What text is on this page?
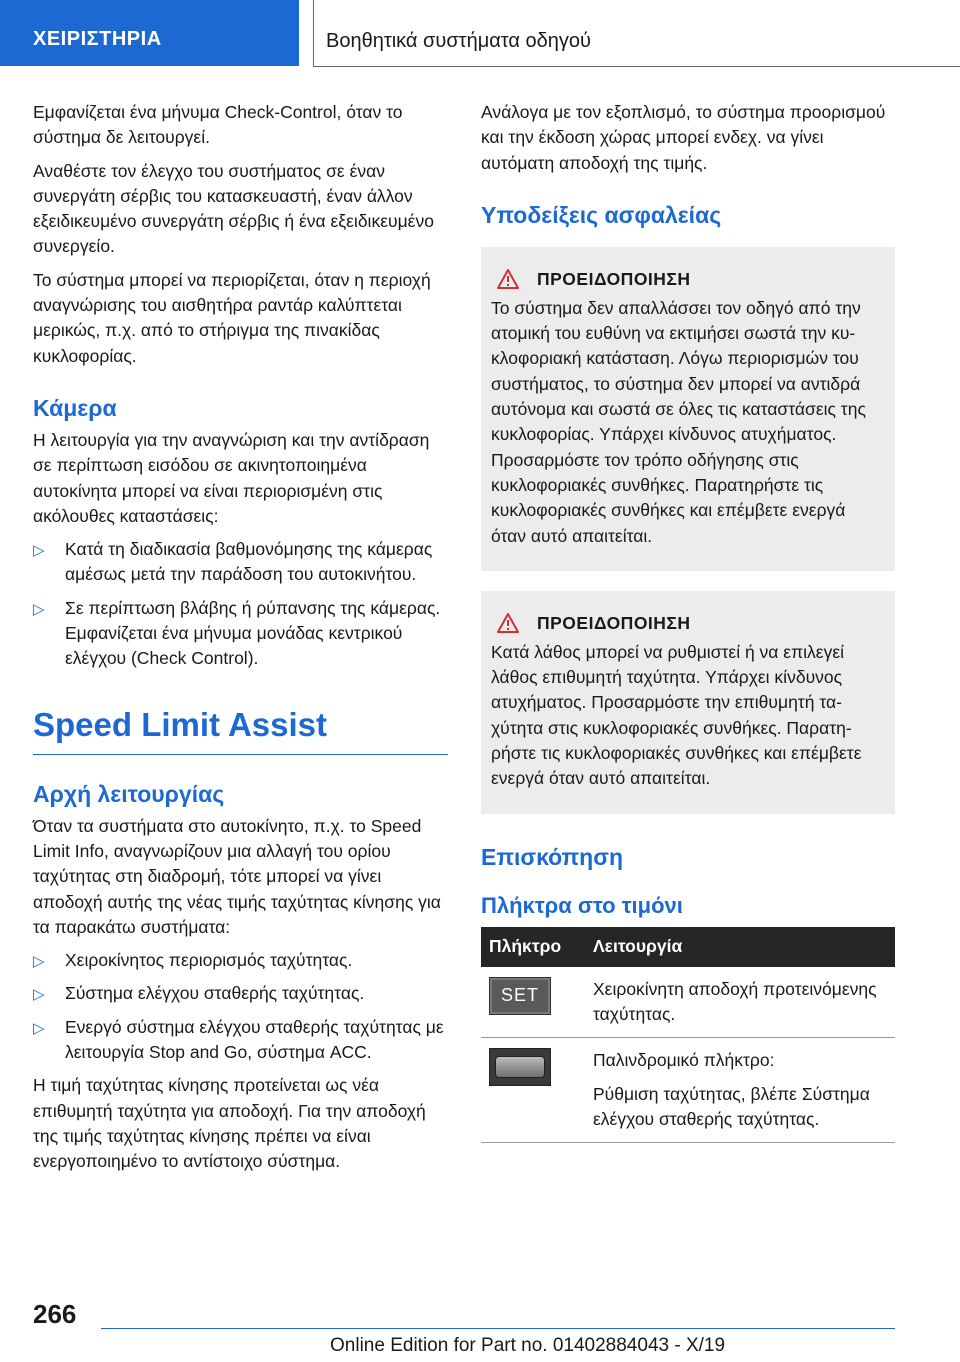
ΧΕΙΡΙΣΤΗΡΙΑ	Βοηθητικά συστήματα οδηγού

Εμφανίζεται ένα μήνυμα Check-Control, όταν το σύστημα δε λειτουργεί.

Αναθέστε τον έλεγχο του συστήματος σε έναν συνεργάτη σέρβις του κατασκευαστή, έναν άλλον εξειδικευμένο συνεργάτη σέρβις ή ένα εξειδικευμένο συνεργείο.

Το σύστημα μπορεί να περιορίζεται, όταν η περιοχή αναγνώρισης του αισθητήρα ραντάρ καλύπτεται μερικώς, π.χ. από το στήριγμα της πινακίδας κυκλοφορίας.

Κάμερα

Η λειτουργία για την αναγνώριση και την αντίδραση σε περίπτωση εισόδου σε ακινητοποιημένα αυτοκίνητα μπορεί να είναι περιορισμένη στις ακόλουθες καταστάσεις:

▷ Κατά τη διαδικασία βαθμονόμησης της κάμερας αμέσως μετά την παράδοση του αυτοκινήτου.
▷ Σε περίπτωση βλάβης ή ρύπανσης της κάμερας. Εμφανίζεται ένα μήνυμα μονάδας κεντρικού ελέγχου (Check Control).
Speed Limit Assist
Αρχή λειτουργίας

Όταν τα συστήματα στο αυτοκίνητο, π.χ. το Speed Limit Info, αναγνωρίζουν μια αλλαγή του ορίου ταχύτητας στη διαδρομή, τότε μπορεί να γίνει αποδοχή αυτής της νέας τιμής ταχύτητας κίνησης για τα παρακάτω συστήματα:

▷ Χειροκίνητος περιορισμός ταχύτητας.
▷ Σύστημα ελέγχου σταθερής ταχύτητας.
▷ Ενεργό σύστημα ελέγχου σταθερής ταχύτητας με λειτουργία Stop and Go, σύστημα ACC.

Η τιμή ταχύτητας κίνησης προτείνεται ως νέα επιθυμητή ταχύτητα για αποδοχή. Για την αποδοχή της τιμής ταχύτητας κίνησης πρέπει να είναι ενεργοποιημένο το αντίστοιχο σύστημα.

Ανάλογα με τον εξοπλισμό, το σύστημα προορισμού και την έκδοση χώρας μπορεί ενδεχ. να γίνει αυτόματη αποδοχή της τιμής.

Υποδείξεις ασφαλείας
ΠΡΟΕΙΔΟΠΟΙΗΣΗ

Το σύστημα δεν απαλλάσσει τον οδηγό από την ατομική του ευθύνη να εκτιμήσει σωστά την κυκλοφοριακή κατάσταση. Λόγω περιορισμών του συστήματος, το σύστημα δεν μπορεί να αντιδρά αυτόνομα και σωστά σε όλες τις καταστάσεις της κυκλοφορίας. Υπάρχει κίνδυνος ατυχήματος. Προσαρμόστε τον τρόπο οδήγησης στις κυκλοφοριακές συνθήκες. Παρατηρήστε τις κυκλοφοριακές συνθήκες και επέμβετε ενεργά όταν αυτό απαιτείται.

ΠΡΟΕΙΔΟΠΟΙΗΣΗ

Κατά λάθος μπορεί να ρυθμιστεί ή να επιλεγεί λάθος επιθυμητή ταχύτητα. Υπάρχει κίνδυνος ατυχήματος. Προσαρμόστε την επιθυμητή ταχύτητα στις κυκλοφοριακές συνθήκες. Παρατηρήστε τις κυκλοφοριακές συνθήκες και επέμβετε ενεργά όταν αυτό απαιτείται.

Επισκόπηση
Πλήκτρα στο τιμόνι
Πλήκτρο	Λειτουργία

SET	Χειροκίνητη αποδοχή προτεινόμενης ταχύτητας.

	Παλινδρομικό πλήκτρο:

Ρύθμιση ταχύτητας, βλέπε Σύστημα ελέγχου σταθερής ταχύτητας.

266
Online Edition for Part no. 01402884043 - X/19
